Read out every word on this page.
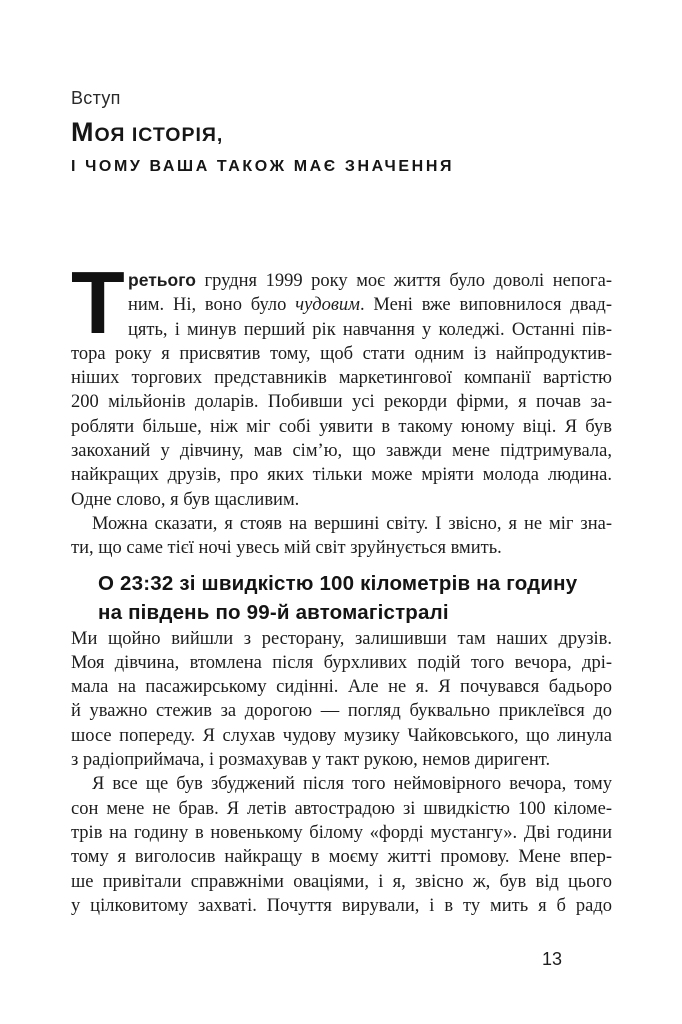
Вступ
МОЯ ІСТОРІЯ,
І ЧОМУ ВАША ТАКОЖ МАЄ ЗНАЧЕННЯ
Т ретього грудня 1999 року моє життя було доволі непога-
ним. Ні, воно було чудовим. Мені вже виповнилося двад-
цять, і минув перший рік навчання у коледжі. Останні пів-
тора року я присвятив тому, щоб стати одним із найпродуктив-
ніших торгових представників маркетингової компанії вартістю
200 мільйонів доларів. Побивши усі рекорди фірми, я почав за-
робляти більше, ніж міг собі уявити в такому юному віці. Я був
закоханий у дівчину, мав сім’ю, що завжди мене підтримувала,
найкращих друзів, про яких тільки може мріяти молода людина.
Одне слово, я був щасливим.
Можна сказати, я стояв на вершині світу. І звісно, я не міг зна-
ти, що саме тієї ночі увесь мій світ зруйнується вмить.
О 23:32 зі швидкістю 100 кілометрів на годину
на південь по 99-й автомагістралі
Ми щойно вийшли з ресторану, залишивши там наших друзів.
Моя дівчина, втомлена після бурхливих подій того вечора, дрі-
мала на пасажирському сидінні. Але не я. Я почувався бадьоро
й уважно стежив за дорогою — погляд буквально приклеївся до
шосе попереду. Я слухав чудову музику Чайковського, що линула
з радіоприймача, і розмахував у такт рукою, немов диригент.
Я все ще був збуджений після того неймовірного вечора, тому
сон мене не брав. Я летів автострадою зі швидкістю 100 кіломе-
трів на годину в новенькому білому «форді мустангу». Дві години
тому я виголосив найкращу в моєму житті промову. Мене впер-
ше привітали справжніми оваціями, і я, звісно ж, був від цього
у цілковитому захваті. Почуття вирували, і в ту мить я б радо
13
